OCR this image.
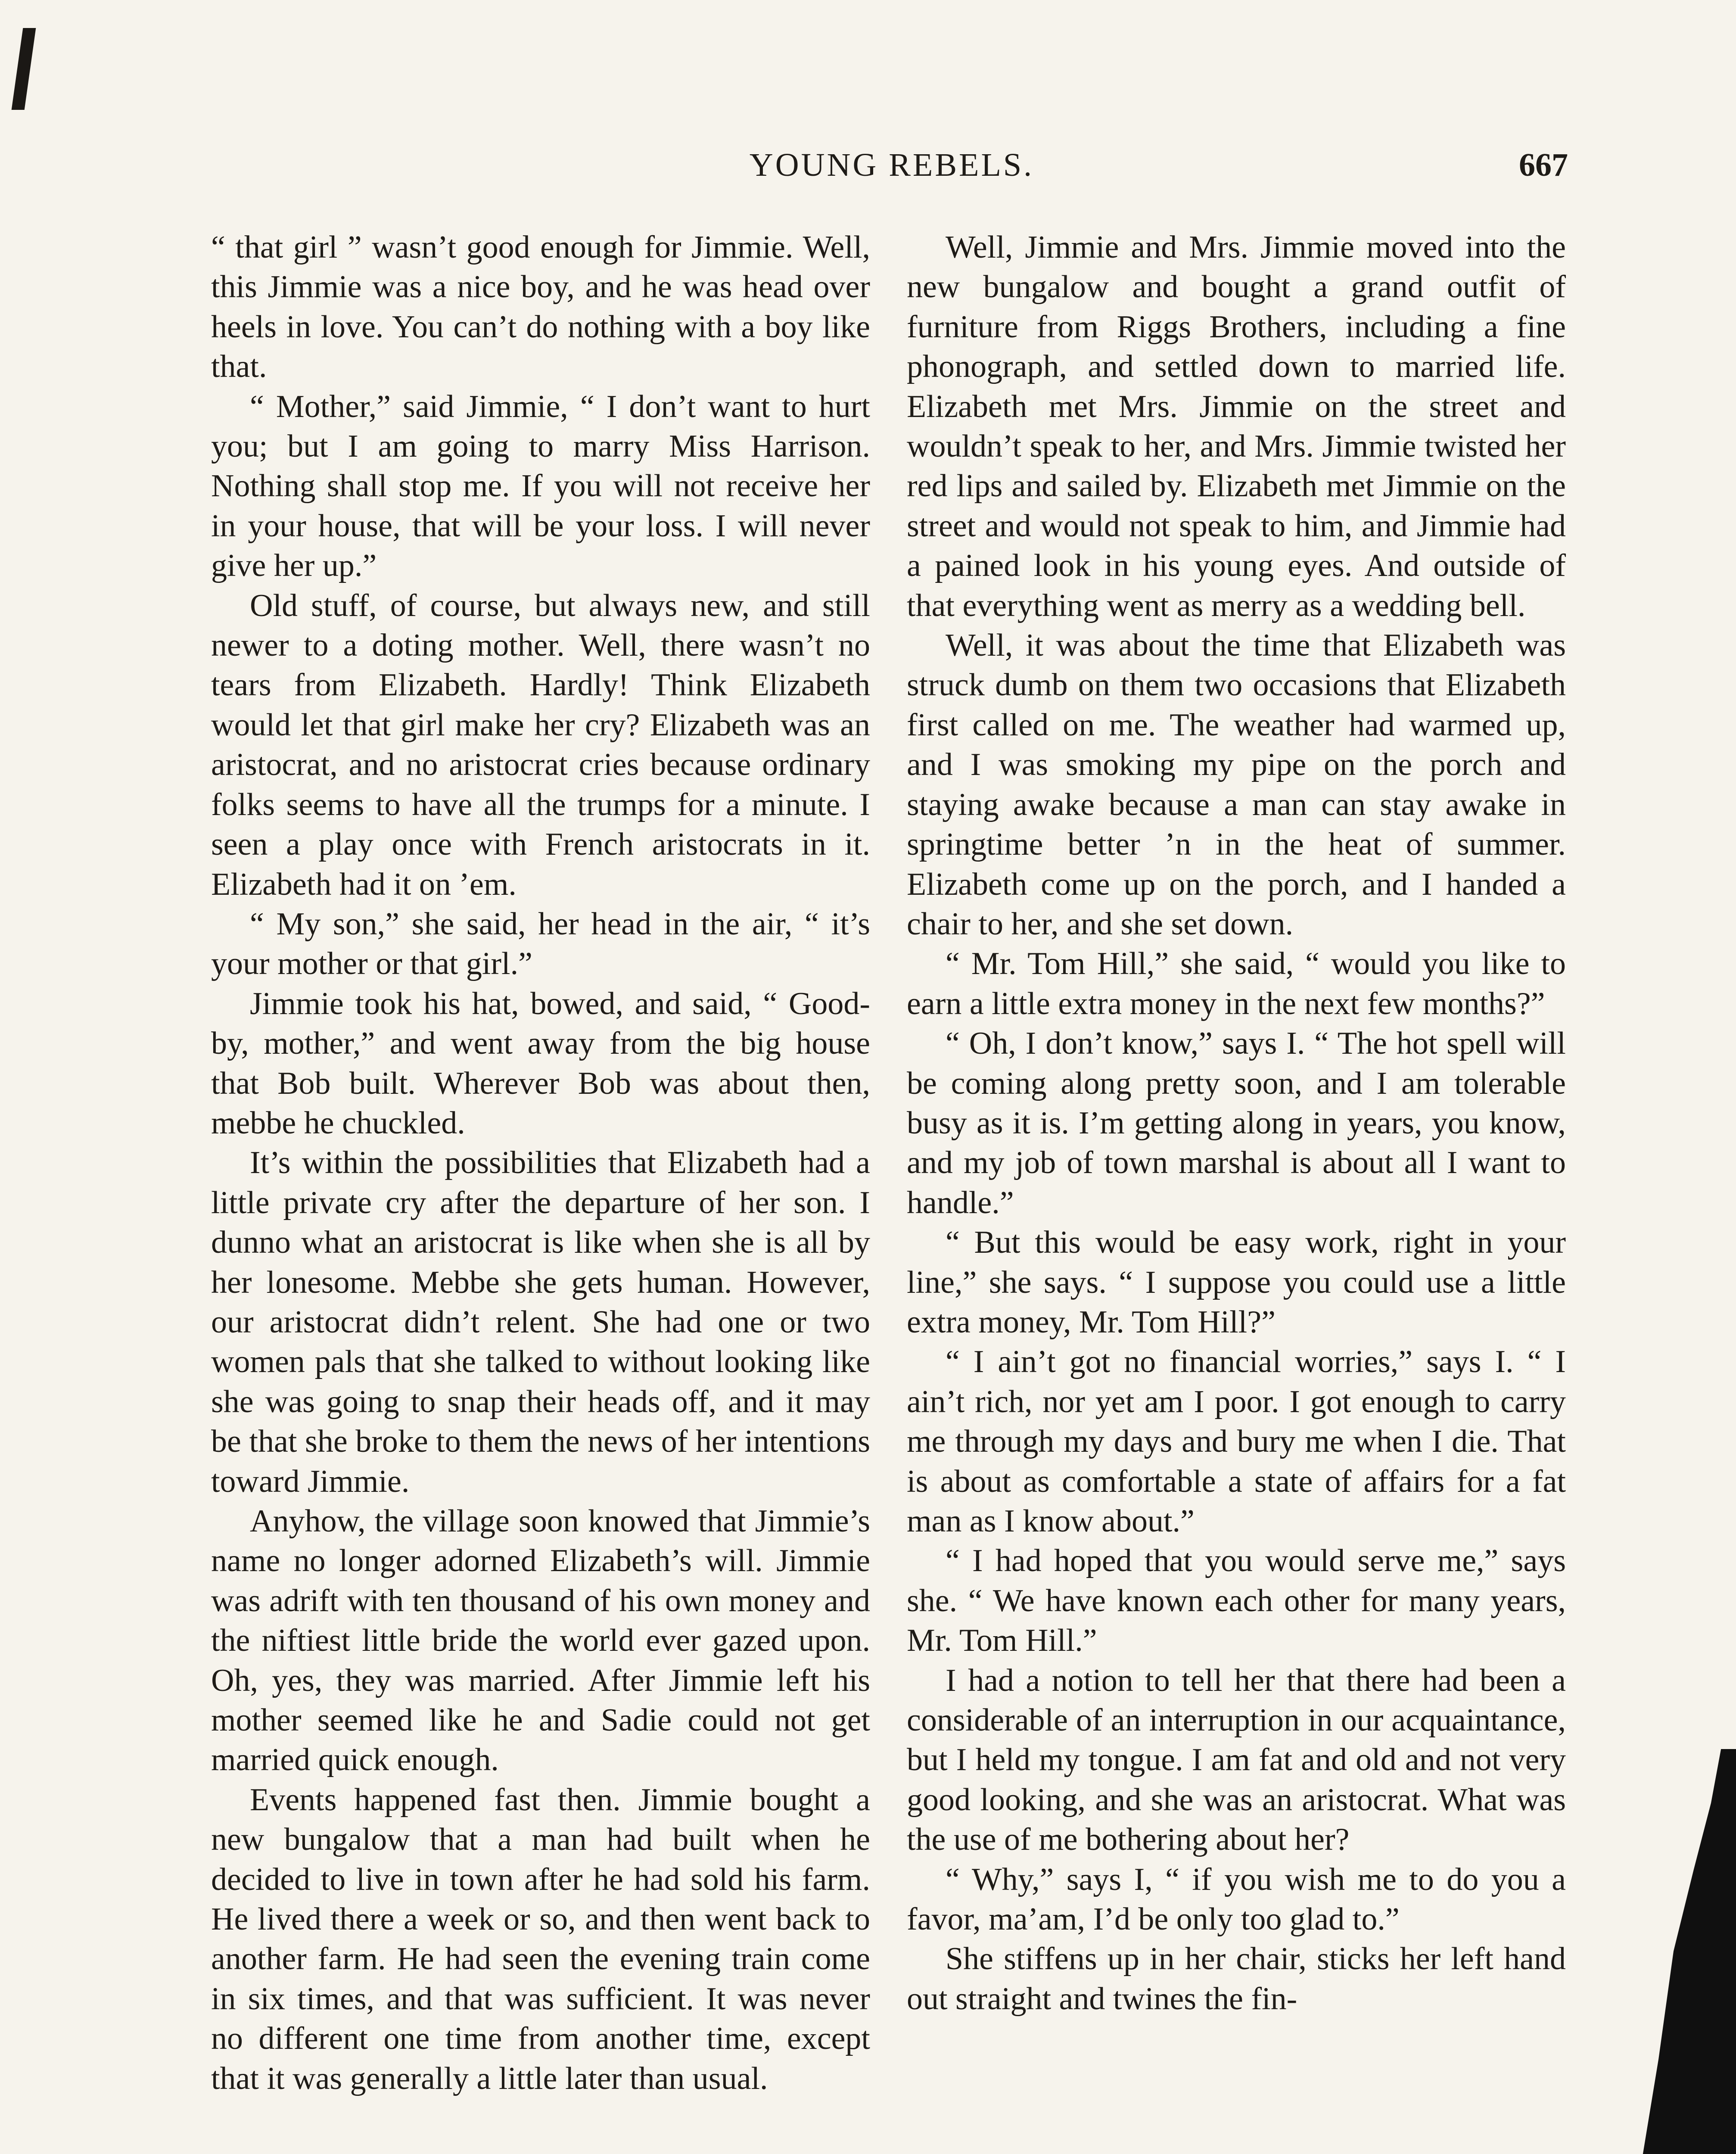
YOUNG REBELS.	667

“ that girl ” wasn’t good enough for Jimmie. Well, this Jimmie was a nice boy, and he was head over heels in love. You can’t do nothing with a boy like that.

“ Mother,” said Jimmie, “ I don’t want to hurt you; but I am going to marry Miss Harrison. Nothing shall stop me. If you will not receive her in your house, that will be your loss. I will never give her up.”

Old stuff, of course, but always new, and still newer to a doting mother. Well, there wasn’t no tears from Elizabeth. Hardly! Think Elizabeth would let that girl make her cry? Elizabeth was an aristocrat, and no aristocrat cries because ordinary folks seems to have all the trumps for a minute. I seen a play once with French aristocrats in it. Elizabeth had it on ’em.

“ My son,” she said, her head in the air, “ it’s your mother or that girl.”

Jimmie took his hat, bowed, and said, “ Good-by, mother,” and went away from the big house that Bob built. Wherever Bob was about then, mebbe he chuckled.

It’s within the possibilities that Elizabeth had a little private cry after the departure of her son. I dunno what an aristocrat is like when she is all by her lonesome. Mebbe she gets human. However, our aristocrat didn’t relent. She had one or two women pals that she talked to without looking like she was going to snap their heads off, and it may be that she broke to them the news of her intentions toward Jimmie.

Anyhow, the village soon knowed that Jimmie’s name no longer adorned Elizabeth’s will. Jimmie was adrift with ten thousand of his own money and the niftiest little bride the world ever gazed upon. Oh, yes, they was married. After Jimmie left his mother seemed like he and Sadie could not get married quick enough.

Events happened fast then. Jimmie bought a new bungalow that a man had built when he decided to live in town after he had sold his farm. He lived there a week or so, and then went back to another farm. He had seen the evening train come in six times, and that was sufficient. It was never no different one time from another time, except that it was generally a little later than usual.

Well, Jimmie and Mrs. Jimmie moved into the new bungalow and bought a grand outfit of furniture from Riggs Brothers, including a fine phonograph, and settled down to married life. Elizabeth met Mrs. Jimmie on the street and wouldn’t speak to her, and Mrs. Jimmie twisted her red lips and sailed by. Elizabeth met Jimmie on the street and would not speak to him, and Jimmie had a pained look in his young eyes. And outside of that everything went as merry as a wedding bell.

Well, it was about the time that Elizabeth was struck dumb on them two occasions that Elizabeth first called on me. The weather had warmed up, and I was smoking my pipe on the porch and staying awake because a man can stay awake in springtime better ’n in the heat of summer. Elizabeth come up on the porch, and I handed a chair to her, and she set down.

“ Mr. Tom Hill,” she said, “ would you like to earn a little extra money in the next few months?”

“ Oh, I don’t know,” says I. “ The hot spell will be coming along pretty soon, and I am tolerable busy as it is. I’m getting along in years, you know, and my job of town marshal is about all I want to handle.”

“ But this would be easy work, right in your line,” she says. “ I suppose you could use a little extra money, Mr. Tom Hill?”

“ I ain’t got no financial worries,” says I. “ I ain’t rich, nor yet am I poor. I got enough to carry me through my days and bury me when I die. That is about as comfortable a state of affairs for a fat man as I know about.”

“ I had hoped that you would serve me,” says she. “ We have known each other for many years, Mr. Tom Hill.”

I had a notion to tell her that there had been a considerable of an interruption in our acquaintance, but I held my tongue. I am fat and old and not very good looking, and she was an aristocrat. What was the use of me bothering about her?

“ Why,” says I, “ if you wish me to do you a favor, ma’am, I’d be only too glad to.”

She stiffens up in her chair, sticks her left hand out straight and twines the fin-
